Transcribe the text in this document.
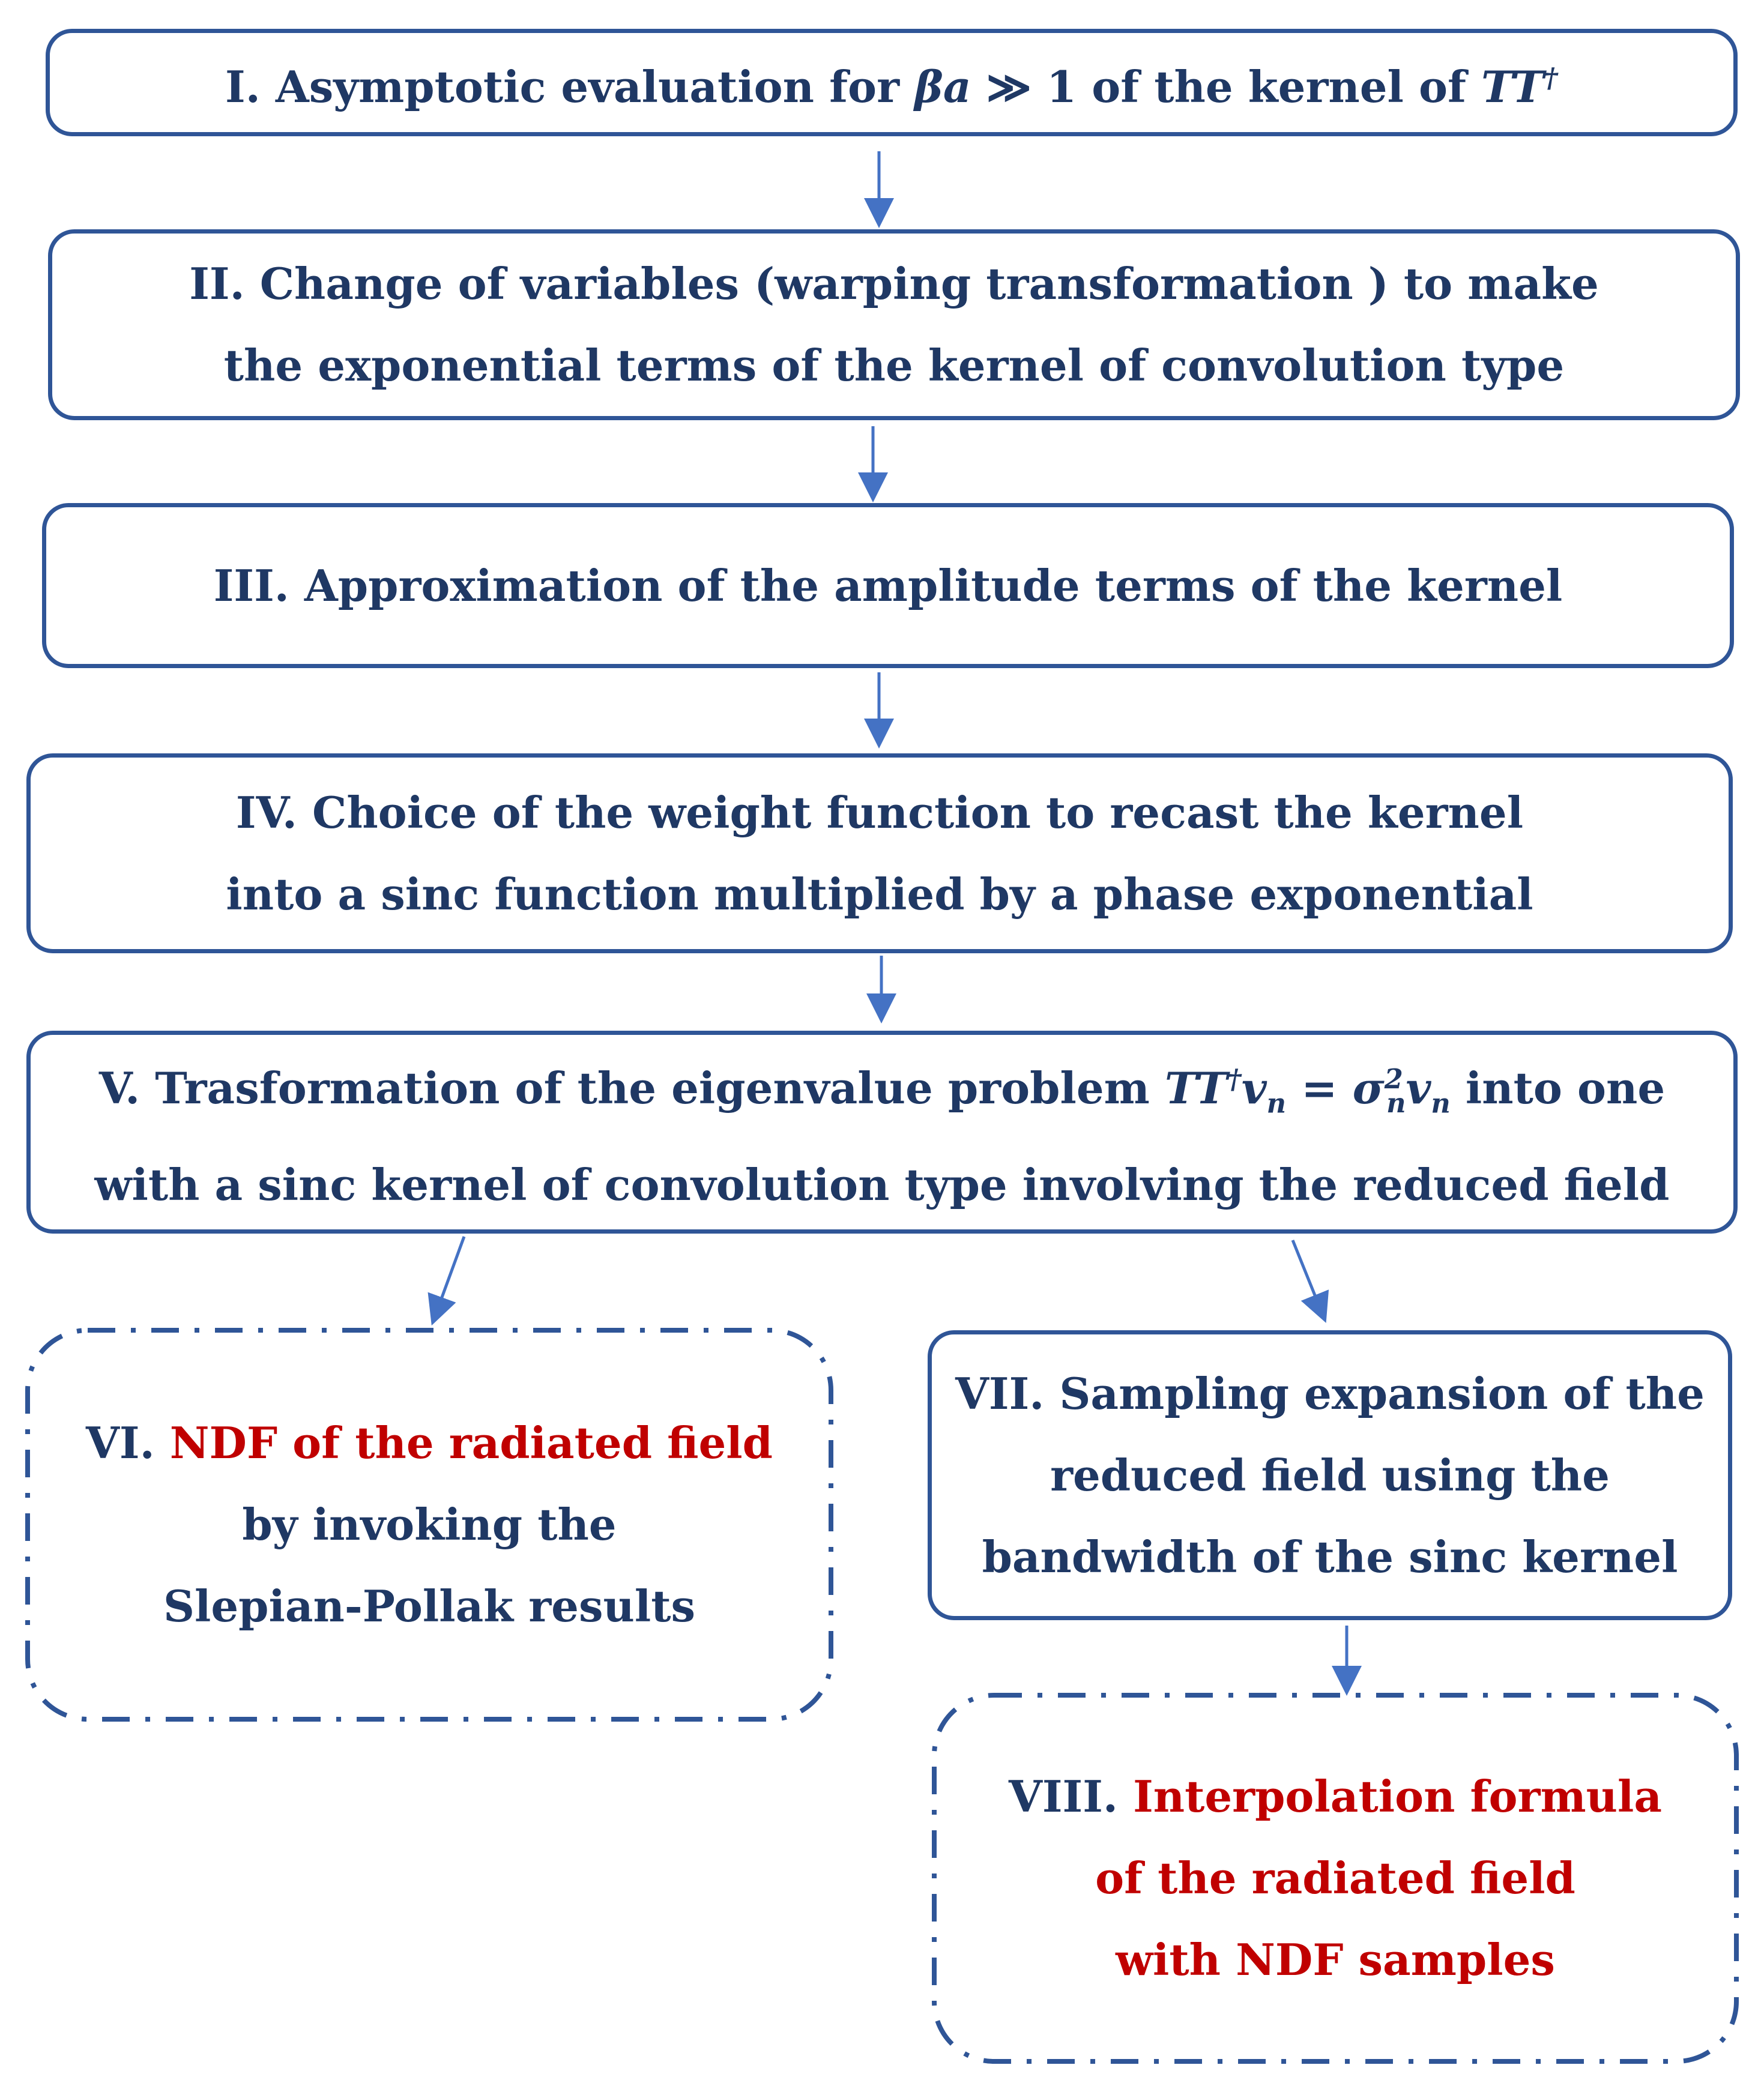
I. Asymptotic evaluation for βa ≫ 1 of the kernel of TT†
II. Change of variables (warping transformation ) to make
the exponential terms of the kernel of convolution type
III. Approximation of the amplitude terms of the kernel
IV. Choice of the weight function to recast the kernel
into a sinc function multiplied by a phase exponential
V. Trasformation of the eigenvalue problem $TT^\dagger v_n = \sigma^2_nv_n$ into one
with a sinc kernel of convolution type involving the reduced field
VI. NDF of the radiated field
by invoking the
Slepian-Pollak results
VII. Sampling expansion of the
reduced field using the
bandwidth of the sinc kernel
VIII. Interpolation formula
of the radiated field
with NDF samples
